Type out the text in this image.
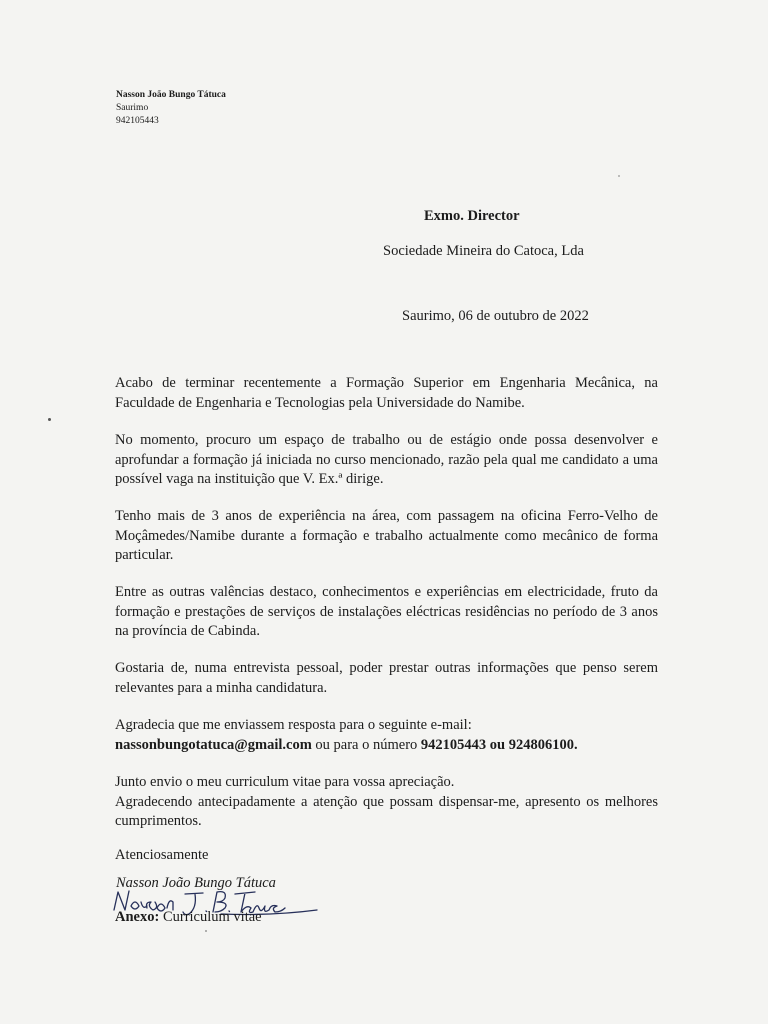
Nasson João Bungo Tátuca
Saurimo
942105443
Exmo. Director
Sociedade Mineira do Catoca, Lda
Saurimo, 06 de outubro de 2022
Acabo de terminar recentemente a Formação Superior em Engenharia Mecânica, na Faculdade de Engenharia e Tecnologias pela Universidade do Namibe.
No momento, procuro um espaço de trabalho ou de estágio onde possa desenvolver e aprofundar a formação já iniciada no curso mencionado, razão pela qual me candidato a uma possível vaga na instituição que V. Ex.ª dirige.
Tenho mais de 3 anos de experiência na área, com passagem na oficina Ferro-Velho de Moçâmedes/Namibe durante a formação e trabalho actualmente como mecânico de forma particular.
Entre as outras valências destaco, conhecimentos e experiências em electricidade, fruto da formação e prestações de serviços de instalações eléctricas residências no período de 3 anos na província de Cabinda.
Gostaria de, numa entrevista pessoal, poder prestar outras informações que penso serem relevantes para a minha candidatura.
Agradecia que me enviassem resposta para o seguinte e-mail:
nassonbungotatuca@gmail.com ou para o número 942105443 ou 924806100.
Junto envio o meu curriculum vitae para vossa apreciação.
Agradecendo antecipadamente a atenção que possam dispensar-me, apresento os melhores cumprimentos.
Atenciosamente
Nasson João Bungo Tátuca
Anexo: Curriculum vitae
